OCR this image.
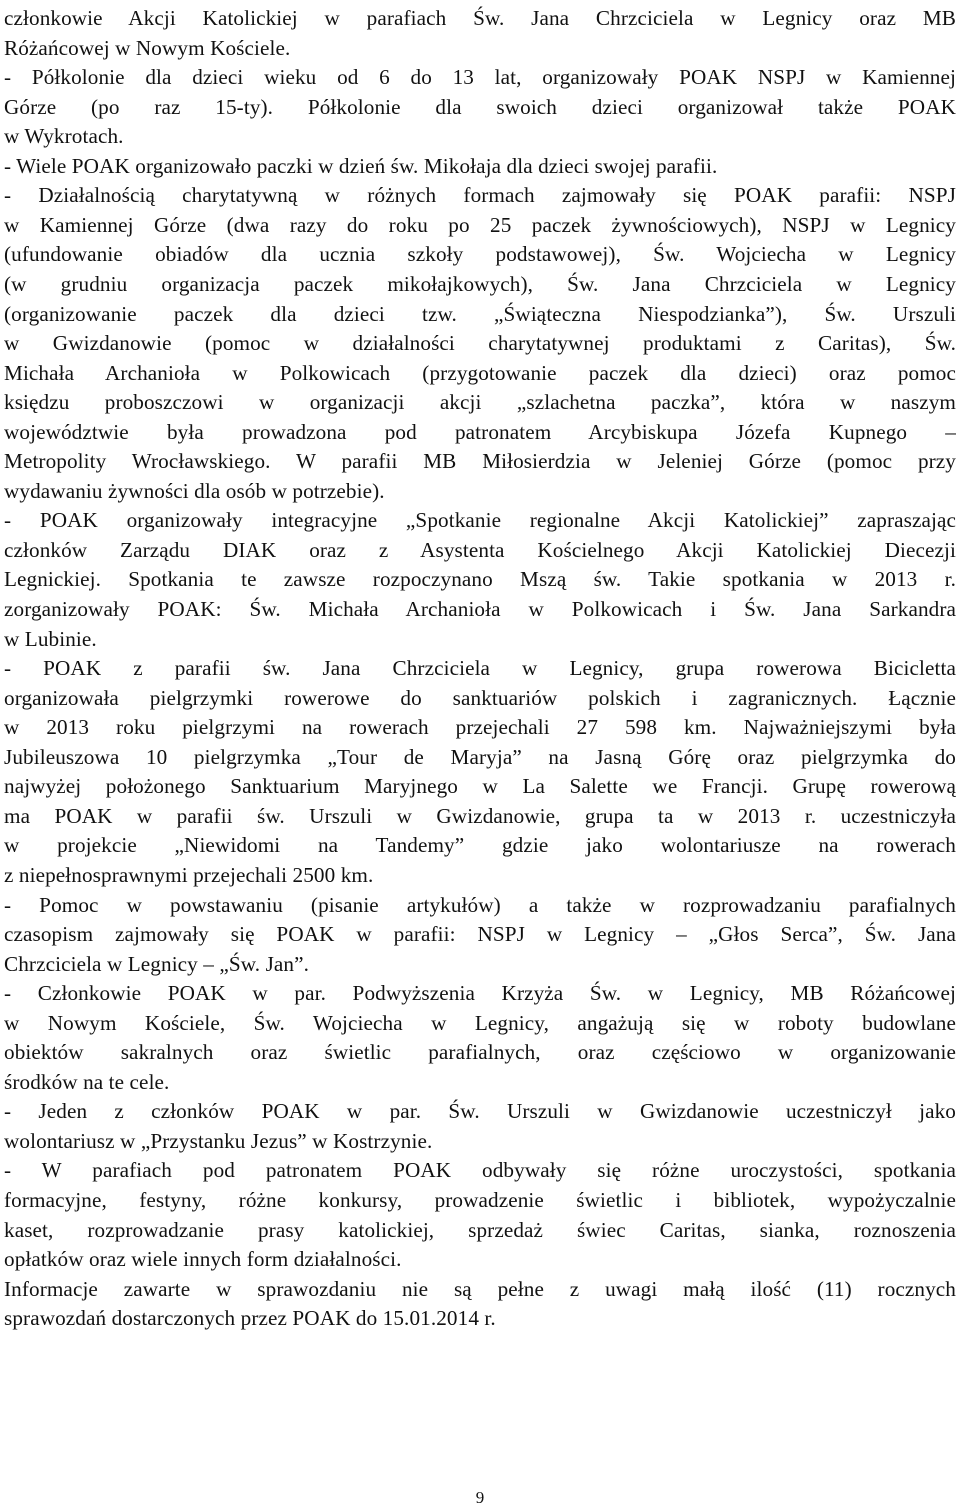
członkowie Akcji Katolickiej w parafiach Św. Jana Chrzciciela w Legnicy oraz MB
Różańcowej w Nowym Kościele.
- Półkolonie dla dzieci wieku od 6 do 13 lat, organizowały POAK NSPJ w Kamiennej
Górze (po raz 15-ty). Półkolonie dla swoich dzieci organizował także POAK
w Wykrotach.
- Wiele POAK organizowało paczki w dzień św. Mikołaja dla dzieci swojej parafii.
- Działalnością charytatywną w różnych formach zajmowały się POAK parafii: NSPJ
w Kamiennej Górze (dwa razy do roku po 25 paczek żywnościowych), NSPJ w Legnicy
(ufundowanie obiadów dla ucznia szkoły podstawowej), Św. Wojciecha w Legnicy
(w grudniu organizacja paczek mikołajkowych), Św. Jana Chrzciciela w Legnicy
(organizowanie paczek dla dzieci tzw. „Świąteczna Niespodzianka”), Św. Urszuli
w Gwizdanowie (pomoc w działalności charytatywnej produktami z Caritas), Św.
Michała Archanioła w Polkowicach (przygotowanie paczek dla dzieci) oraz pomoc
księdzu proboszczowi w organizacji akcji „szlachetna paczka”, która w naszym
województwie była prowadzona pod patronatem Arcybiskupa Józefa Kupnego –
Metropolity Wrocławskiego. W parafii MB Miłosierdzia w Jeleniej Górze (pomoc przy
wydawaniu żywności dla osób w potrzebie).
- POAK organizowały integracyjne „Spotkanie regionalne Akcji Katolickiej” zapraszając
członków Zarządu DIAK oraz z Asystenta Kościelnego Akcji Katolickiej Diecezji
Legnickiej. Spotkania te zawsze rozpoczynano Mszą św. Takie spotkania w 2013 r.
zorganizowały POAK: Św. Michała Archanioła w Polkowicach i Św. Jana Sarkandra
w Lubinie.
- POAK z parafii św. Jana Chrzciciela w Legnicy, grupa rowerowa Bicicletta
organizowała pielgrzymki rowerowe do sanktuariów polskich i zagranicznych. Łącznie
w 2013 roku pielgrzymi na rowerach przejechali 27 598 km. Najważniejszymi była
Jubileuszowa 10 pielgrzymka „Tour de Maryja” na Jasną Górę oraz pielgrzymka do
najwyżej położonego Sanktuarium Maryjnego w La Salette we Francji. Grupę rowerową
ma POAK w parafii św. Urszuli w Gwizdanowie, grupa ta w 2013 r. uczestniczyła
w projekcie „Niewidomi na Tandemy” gdzie jako wolontariusze na rowerach
z niepełnosprawnymi przejechali 2500 km.
- Pomoc w powstawaniu (pisanie artykułów) a także w rozprowadzaniu parafialnych
czasopism zajmowały się POAK w parafii: NSPJ w Legnicy – „Głos Serca”, Św. Jana
Chrzciciela w Legnicy – „Św. Jan”.
- Członkowie POAK w par. Podwyższenia Krzyża Św. w Legnicy, MB Różańcowej
w Nowym Kościele, Św. Wojciecha w Legnicy, angażują się w roboty budowlane
obiektów sakralnych oraz świetlic parafialnych, oraz częściowo w organizowanie
środków na te cele.
- Jeden z członków POAK w par. Św. Urszuli w Gwizdanowie uczestniczył jako
wolontariusz w „Przystanku Jezus” w Kostrzynie.
- W parafiach pod patronatem POAK odbywały się różne uroczystości, spotkania
formacyjne, festyny, różne konkursy, prowadzenie świetlic i bibliotek, wypożyczalnie
kaset, rozprowadzanie prasy katolickiej, sprzedaż świec Caritas, sianka, roznoszenia
opłatków oraz wiele innych form działalności.
Informacje zawarte w sprawozdaniu nie są pełne z uwagi małą ilość (11) rocznych
sprawozdań dostarczonych przez POAK do 15.01.2014 r.
9
